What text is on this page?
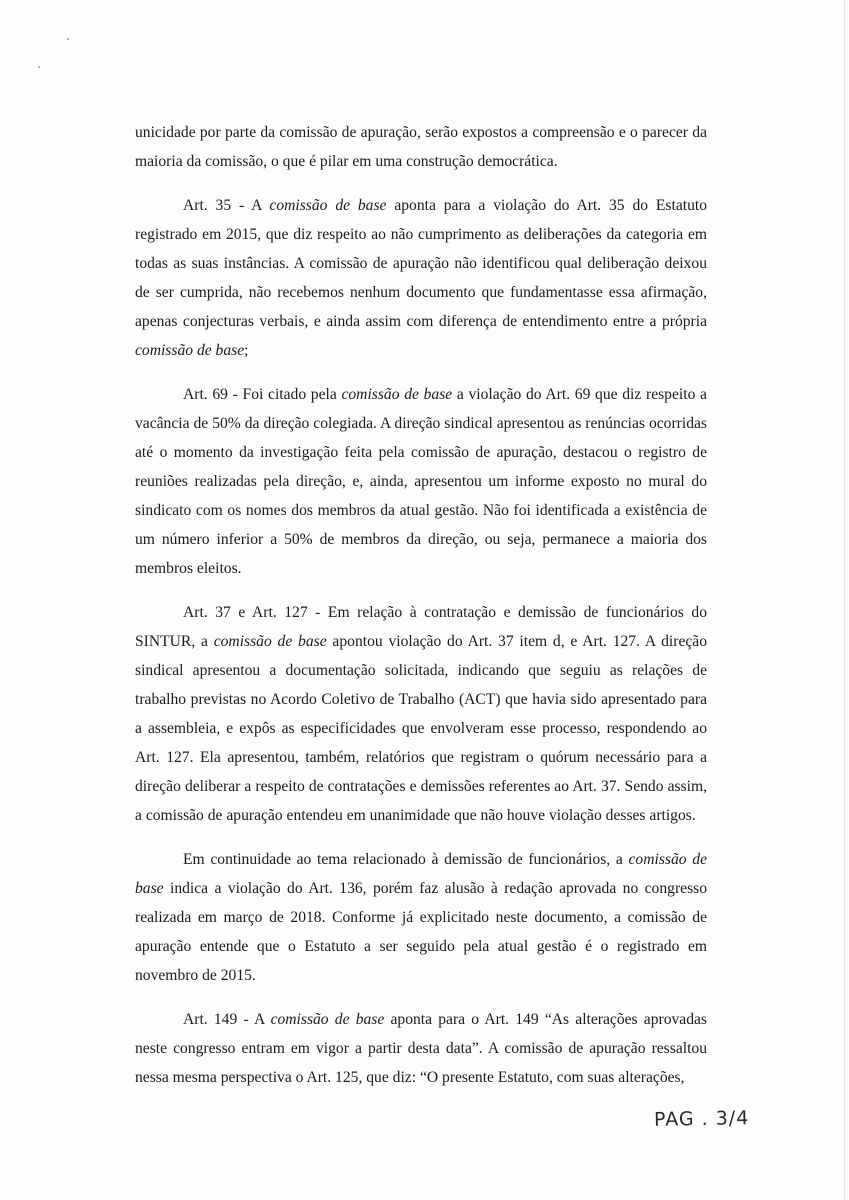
unicidade por parte da comissão de apuração, serão expostos a compreensão e o parecer da maioria da comissão, o que é pilar em uma construção democrática.

Art. 35 - A comissão de base aponta para a violação do Art. 35 do Estatuto registrado em 2015, que diz respeito ao não cumprimento as deliberações da categoria em todas as suas instâncias. A comissão de apuração não identificou qual deliberação deixou de ser cumprida, não recebemos nenhum documento que fundamentasse essa afirmação, apenas conjecturas verbais, e ainda assim com diferença de entendimento entre a própria comissão de base;

Art. 69 - Foi citado pela comissão de base a violação do Art. 69 que diz respeito a vacância de 50% da direção colegiada. A direção sindical apresentou as renúncias ocorridas até o momento da investigação feita pela comissão de apuração, destacou o registro de reuniões realizadas pela direção, e, ainda, apresentou um informe exposto no mural do sindicato com os nomes dos membros da atual gestão. Não foi identificada a existência de um número inferior a 50% de membros da direção, ou seja, permanece a maioria dos membros eleitos.

Art. 37 e Art. 127 - Em relação à contratação e demissão de funcionários do SINTUR, a comissão de base apontou violação do Art. 37 item d, e Art. 127. A direção sindical apresentou a documentação solicitada, indicando que seguiu as relações de trabalho previstas no Acordo Coletivo de Trabalho (ACT) que havia sido apresentado para a assembleia, e expôs as especificidades que envolveram esse processo, respondendo ao Art. 127. Ela apresentou, também, relatórios que registram o quórum necessário para a direção deliberar a respeito de contratações e demissões referentes ao Art. 37. Sendo assim, a comissão de apuração entendeu em unanimidade que não houve violação desses artigos.

Em continuidade ao tema relacionado à demissão de funcionários, a comissão de base indica a violação do Art. 136, porém faz alusão à redação aprovada no congresso realizada em março de 2018. Conforme já explicitado neste documento, a comissão de apuração entende que o Estatuto a ser seguido pela atual gestão é o registrado em novembro de 2015.

Art. 149 - A comissão de base aponta para o Art. 149 “As alterações aprovadas neste congresso entram em vigor a partir desta data”. A comissão de apuração ressaltou nessa mesma perspectiva o Art. 125, que diz: “O presente Estatuto, com suas alterações,

PAG . 3/4
